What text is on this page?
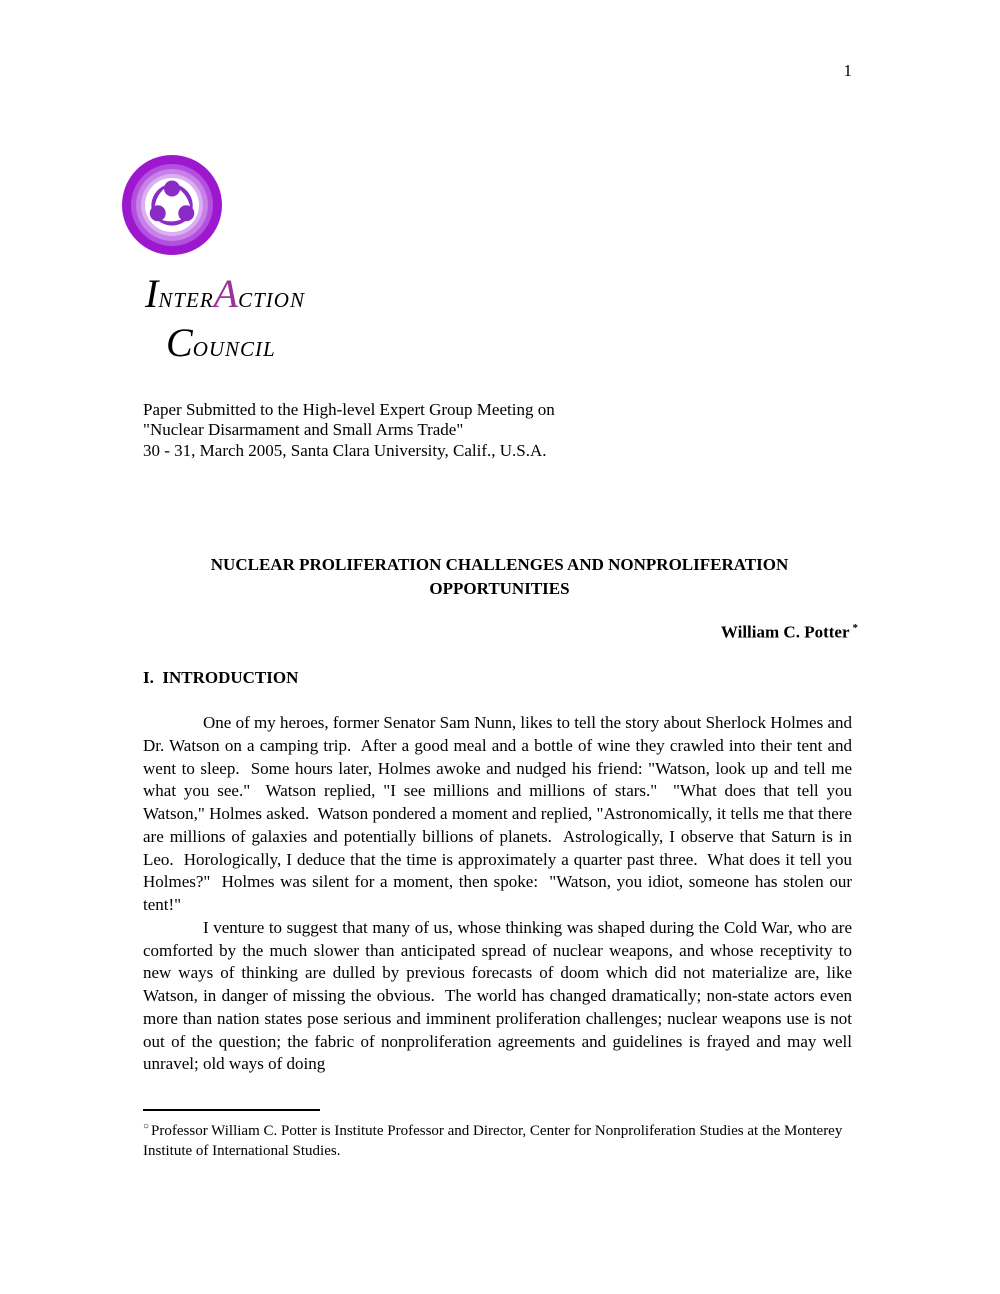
1
INTERACTION
COUNCIL
Paper Submitted to the High-level Expert Group Meeting on
"Nuclear Disarmament and Small Arms Trade"
30 - 31, March 2005, Santa Clara University, Calif., U.S.A.
NUCLEAR PROLIFERATION CHALLENGES AND NONPROLIFERATION OPPORTUNITIES
William C. Potter *
I.  INTRODUCTION

One of my heroes, former Senator Sam Nunn, likes to tell the story about Sherlock Holmes and Dr. Watson on a camping trip.  After a good meal and a bottle of wine they crawled into their tent and went to sleep.  Some hours later, Holmes awoke and nudged his friend: "Watson, look up and tell me what you see."  Watson replied, "I see millions and millions of stars."  "What does that tell you Watson," Holmes asked.  Watson pondered a moment and replied, "Astronomically, it tells me that there are millions of galaxies and potentially billions of planets.  Astrologically, I observe that Saturn is in Leo.  Horologically, I deduce that the time is approximately a quarter past three.  What does it tell you Holmes?"  Holmes was silent for a moment, then spoke:  "Watson, you idiot, someone has stolen our tent!"

I venture to suggest that many of us, whose thinking was shaped during the Cold War, who are comforted by the much slower than anticipated spread of nuclear weapons, and whose receptivity to new ways of thinking are dulled by previous forecasts of doom which did not materialize are, like Watson, in danger of missing the obvious.  The world has changed dramatically; non-state actors even more than nation states pose serious and imminent proliferation challenges; nuclear weapons use is not out of the question; the fabric of nonproliferation agreements and guidelines is frayed and may well unravel; old ways of doing

○ Professor William C. Potter is Institute Professor and Director, Center for Nonproliferation Studies at the Monterey Institute of International Studies.
